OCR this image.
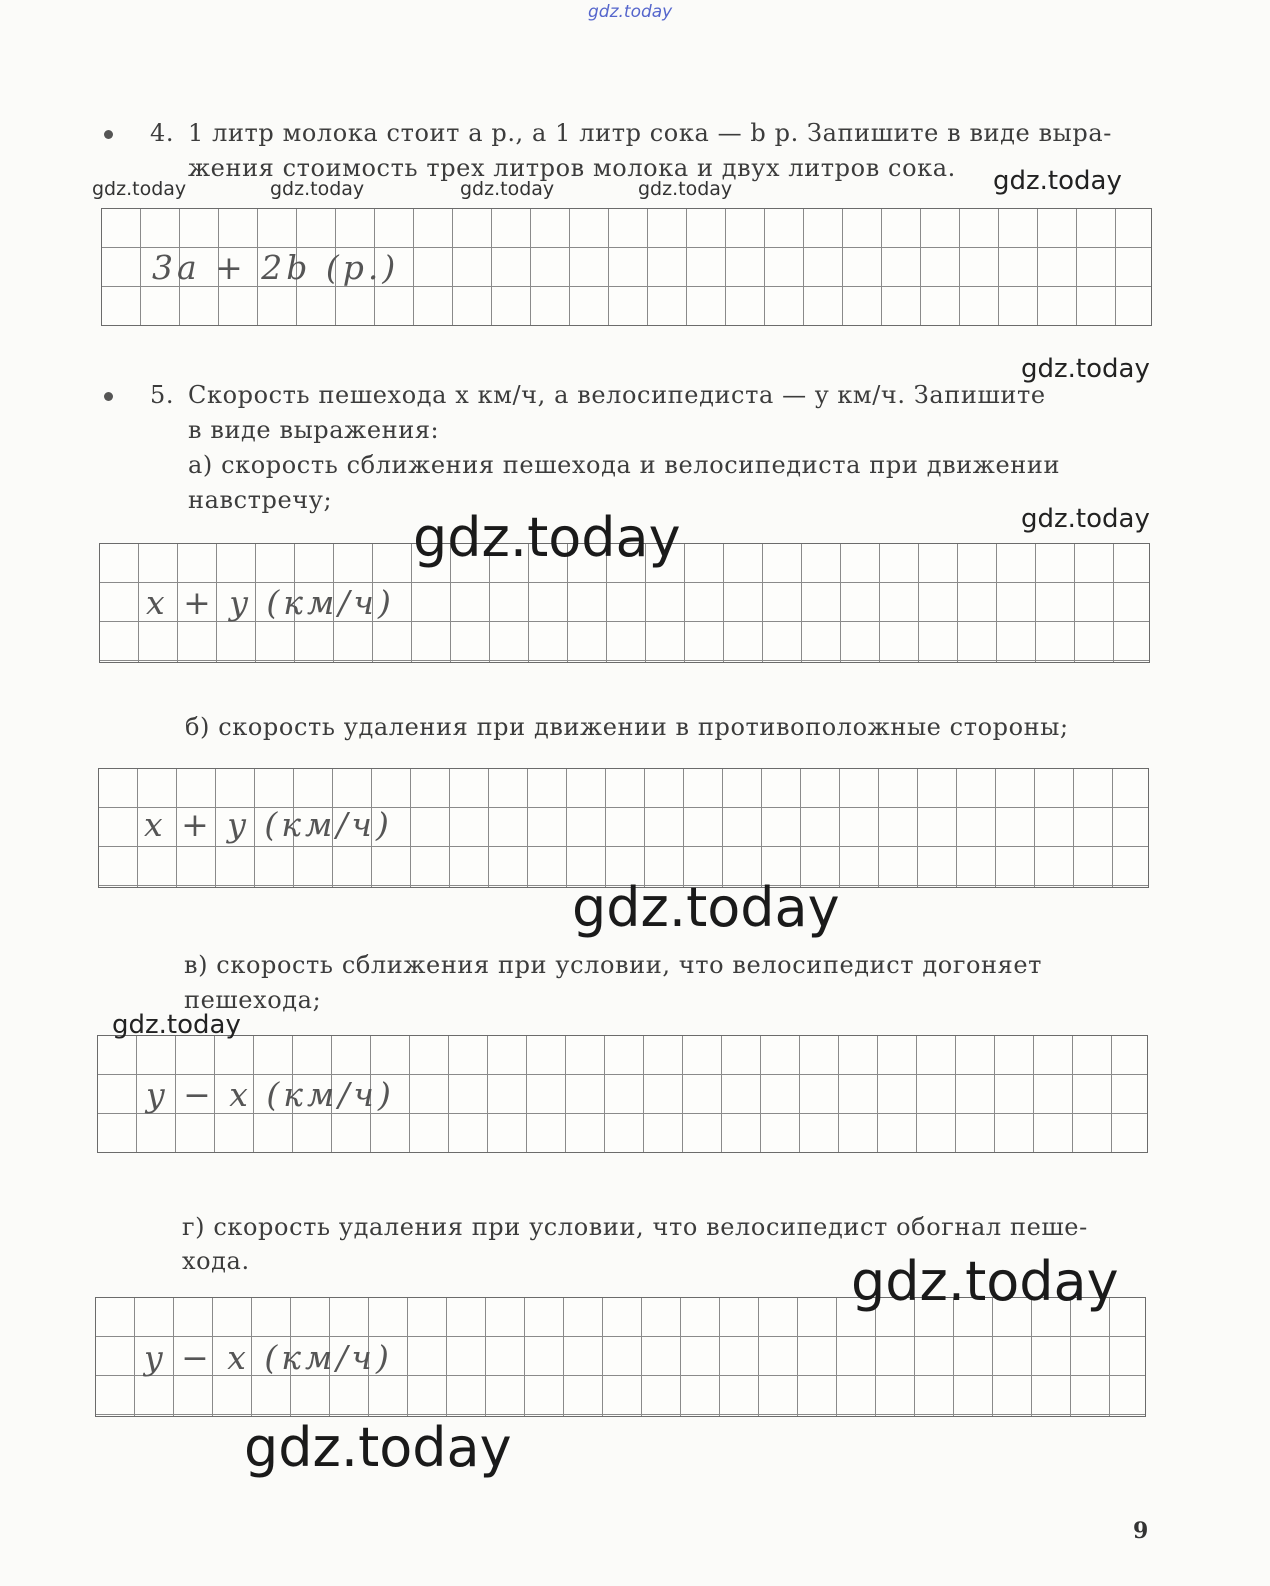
gdz.today
4. 1 литр молока стоит a р., а 1 литр сока — b р. Запишите в виде выра-
жения стоимость трех литров молока и двух литров сока.
gdz.today	gdz.today	gdz.today	gdz.today	gdz.today
3a + 2b (р.)
gdz.today
5. Скорость пешехода x км/ч, а велосипедиста — y км/ч. Запишите
в виде выражения:
а) скорость сближения пешехода и велосипедиста при движении
навстречу;
gdz.today
gdz.today
x + y (км/ч)
б) скорость удаления при движении в противоположные стороны;
x + y (км/ч)
gdz.today
в) скорость сближения при условии, что велосипедист догоняет
пешехода;
gdz.today
y − x (км/ч)
г) скорость удаления при условии, что велосипедист обогнал пеше-
хода.	gdz.today
y − x (км/ч)
gdz.today
9
